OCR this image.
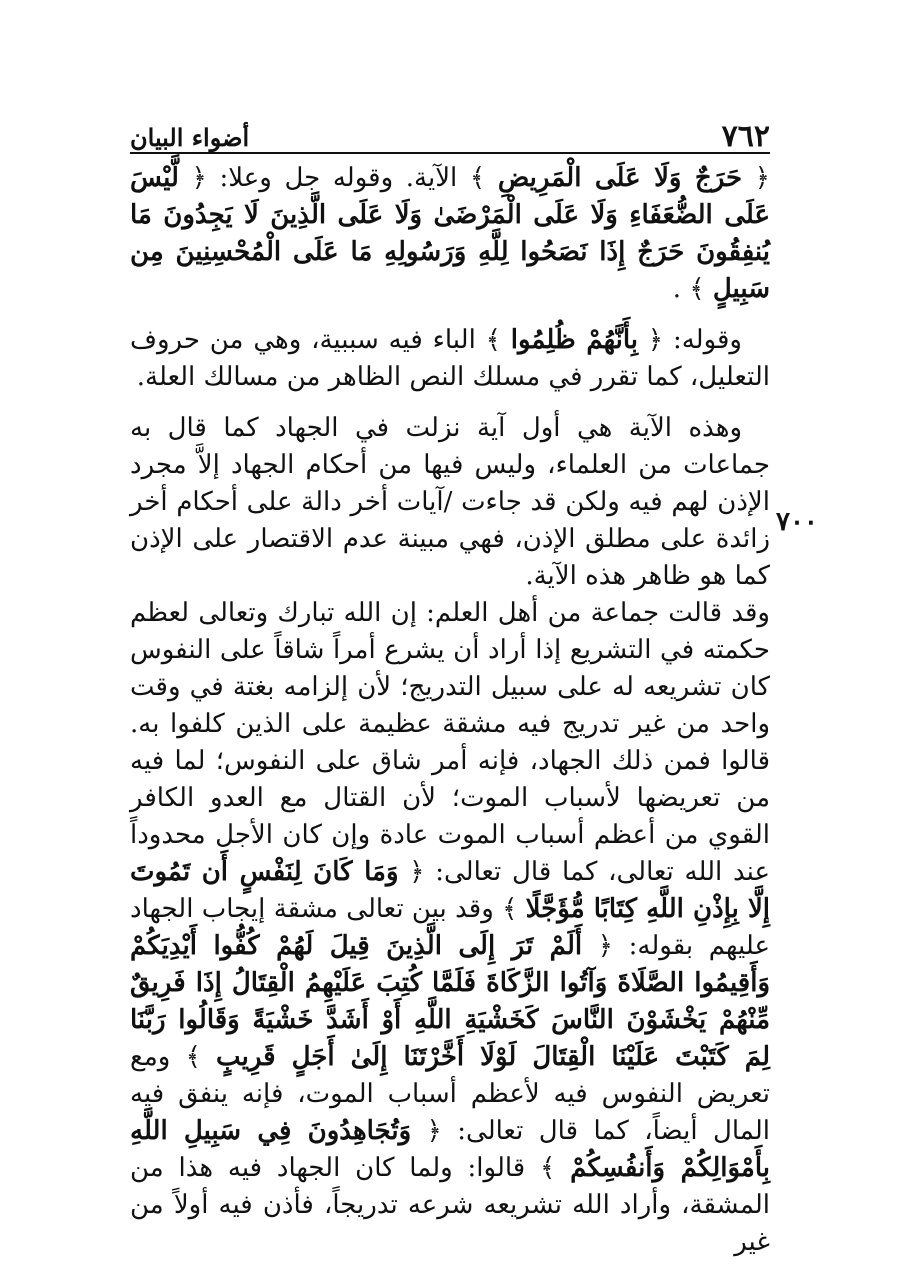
٧٦٢
أضواء البيان
٧٠٠

﴿ حَرَجٌ وَلَا عَلَى الْمَرِيضِ ﴾ الآية. وقوله جل وعلا: ﴿ لَّيْسَ عَلَى الضُّعَفَاءِ وَلَا عَلَى الْمَرْضَىٰ وَلَا عَلَى الَّذِينَ لَا يَجِدُونَ مَا يُنفِقُونَ حَرَجٌ إِذَا نَصَحُوا لِلَّهِ وَرَسُولِهِ مَا عَلَى الْمُحْسِنِينَ مِن سَبِيلٍ ﴾ .

وقوله: ﴿ بِأَنَّهُمْ ظُلِمُوا ﴾ الباء فيه سببية، وهي من حروف التعليل، كما تقرر في مسلك النص الظاهر من مسالك العلة.

وهذه الآية هي أول آية نزلت في الجهاد كما قال به جماعات من العلماء، وليس فيها من أحكام الجهاد إلاَّ مجرد الإذن لهم فيه ولكن قد جاءت /آيات أخر دالة على أحكام أخر زائدة على مطلق الإذن، فهي مبينة عدم الاقتصار على الإذن كما هو ظاهر هذه الآية.

وقد قالت جماعة من أهل العلم: إن الله تبارك وتعالى لعظم حكمته في التشريع إذا أراد أن يشرع أمراً شاقاً على النفوس كان تشريعه له على سبيل التدريج؛ لأن إلزامه بغتة في وقت واحد من غير تدريج فيه مشقة عظيمة على الذين كلفوا به. قالوا فمن ذلك الجهاد، فإنه أمر شاق على النفوس؛ لما فيه من تعريضها لأسباب الموت؛ لأن القتال مع العدو الكافر القوي من أعظم أسباب الموت عادة وإن كان الأجل محدوداً عند الله تعالى، كما قال تعالى: ﴿ وَمَا كَانَ لِنَفْسٍ أَن تَمُوتَ إِلَّا بِإِذْنِ اللَّهِ كِتَابًا مُّؤَجَّلًا ﴾ وقد بين تعالى مشقة إيجاب الجهاد عليهم بقوله: ﴿ أَلَمْ تَرَ إِلَى الَّذِينَ قِيلَ لَهُمْ كُفُّوا أَيْدِيَكُمْ وَأَقِيمُوا الصَّلَاةَ وَآتُوا الزَّكَاةَ فَلَمَّا كُتِبَ عَلَيْهِمُ الْقِتَالُ إِذَا فَرِيقٌ مِّنْهُمْ يَخْشَوْنَ النَّاسَ كَخَشْيَةِ اللَّهِ أَوْ أَشَدَّ خَشْيَةً وَقَالُوا رَبَّنَا لِمَ كَتَبْتَ عَلَيْنَا الْقِتَالَ لَوْلَا أَخَّرْتَنَا إِلَىٰ أَجَلٍ قَرِيبٍ ﴾ ومع تعريض النفوس فيه لأعظم أسباب الموت، فإنه ينفق فيه المال أيضاً، كما قال تعالى: ﴿ وَتُجَاهِدُونَ فِي سَبِيلِ اللَّهِ بِأَمْوَالِكُمْ وَأَنفُسِكُمْ ﴾ قالوا: ولما كان الجهاد فيه هذا من المشقة، وأراد الله تشريعه شرعه تدريجاً، فأذن فيه أولاً من غير
